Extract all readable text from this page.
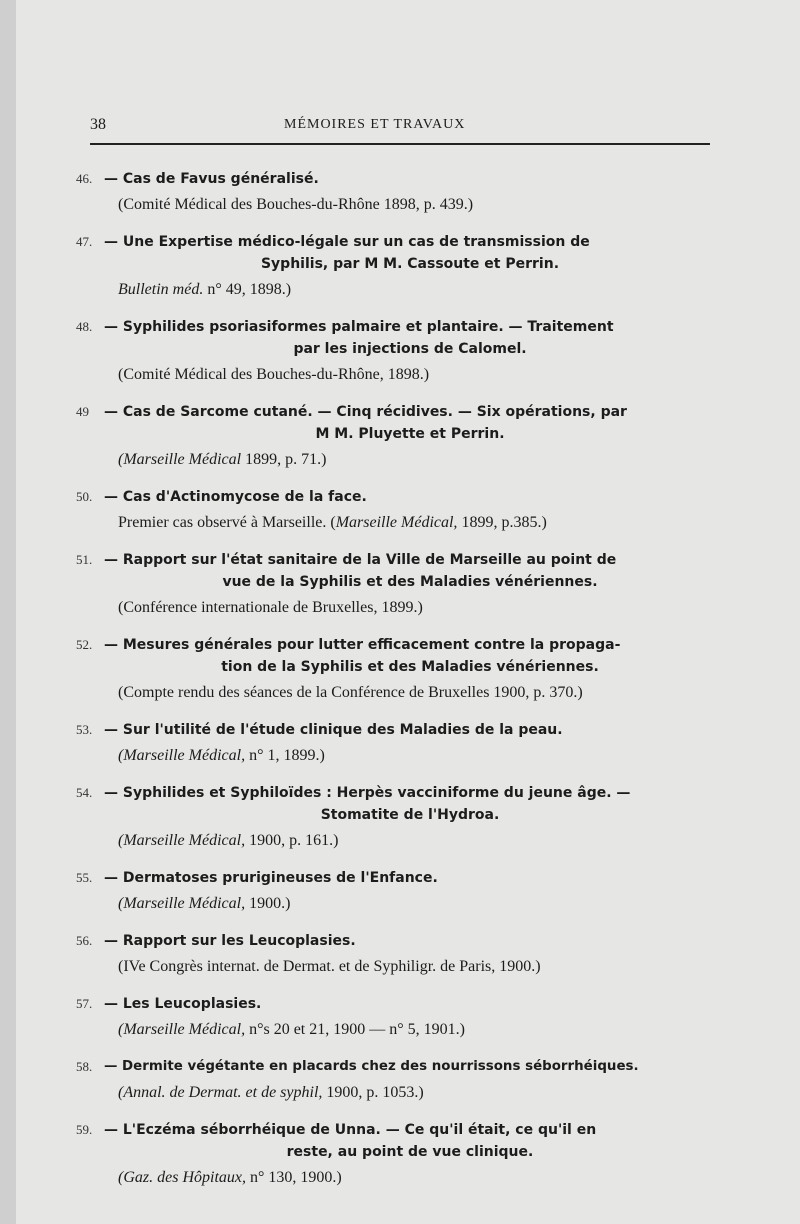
38	MÉMOIRES ET TRAVAUX
46. — Cas de Favus généralisé.
(Comité Médical des Bouches-du-Rhône 1898, p. 439.)
47. — Une Expertise médico-légale sur un cas de transmission de
Syphilis, par M M. Cassoute et Perrin.
Bulletin méd. n° 49, 1898.)
48. — Syphilides psoriasiformes palmaire et plantaire. — Traitement
par les injections de Calomel.
(Comité Médical des Bouches-du-Rhône, 1898.)
49 — Cas de Sarcome cutané. — Cinq récidives. — Six opérations, par
M M. Pluyette et Perrin.
(Marseille Médical 1899, p. 71.)
50. — Cas d'Actinomycose de la face.
Premier cas observé à Marseille. (Marseille Médical, 1899, p.385.)
51. — Rapport sur l'état sanitaire de la Ville de Marseille au point de
vue de la Syphilis et des Maladies vénériennes.
(Conférence internationale de Bruxelles, 1899.)
52. — Mesures générales pour lutter efficacement contre la propaga-
tion de la Syphilis et des Maladies vénériennes.
(Compte rendu des séances de la Conférence de Bruxelles 1900, p. 370.)
53. — Sur l'utilité de l'étude clinique des Maladies de la peau.
(Marseille Médical, n° 1, 1899.)
54. — Syphilides et Syphiloïdes : Herpès vacciniforme du jeune âge. —
Stomatite de l'Hydroa.
(Marseille Médical, 1900, p. 161.)
55. — Dermatoses prurigineuses de l'Enfance.
(Marseille Médical, 1900.)
56. — Rapport sur les Leucoplasies.
(IVe Congrès internat. de Dermat. et de Syphiligr. de Paris, 1900.)
57. — Les Leucoplasies.
(Marseille Médical, n°s 20 et 21, 1900 — n° 5, 1901.)
58. — Dermite végétante en placards chez des nourrissons séborrhéiques.
(Annal. de Dermat. et de syphil, 1900, p. 1053.)
59. — L'Eczéma séborrhéique de Unna. — Ce qu'il était, ce qu'il en
reste, au point de vue clinique.
(Gaz. des Hôpitaux, n° 130, 1900.)
